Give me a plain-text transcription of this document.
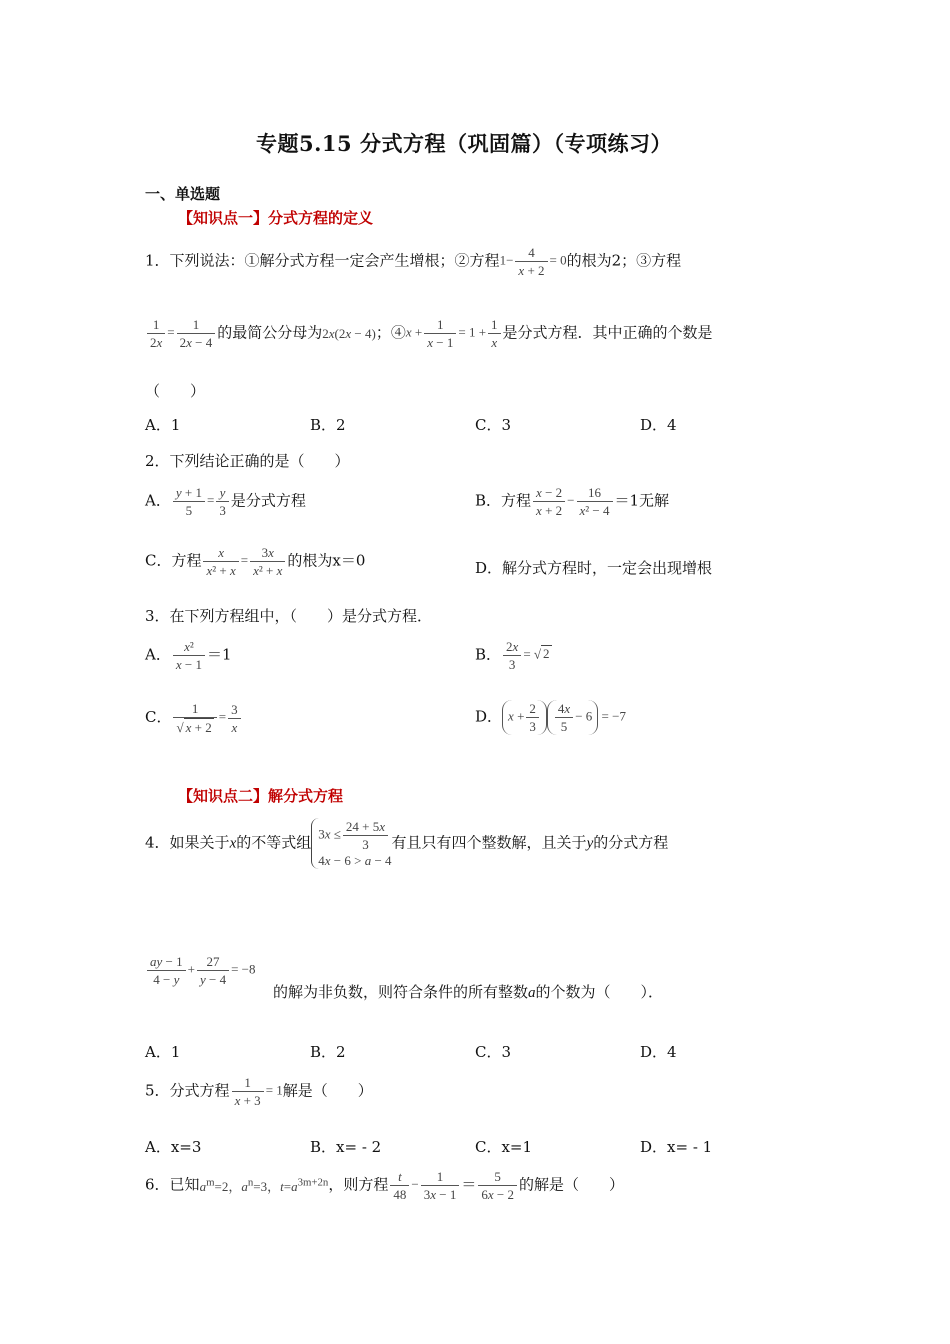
专题5.15 分式方程（巩固篇）（专项练习）
一、单选题
【知识点一】分式方程的定义
1．下列说法：①解分式方程一定会产生增根；②方程$1- \frac{4}{x + 2} = 0$的根为2；③方程
$\frac{1}{2x} = \frac{1}{2x - 4}$ 的最简公分母为2x(2x − 4)；④x + $\frac{1}{x - 1} = 1 + \frac{1}{x}$ 是分式方程．其中正确的个数是
（　　）
A．1	B．2	C．3	D．4
2．下列结论正确的是（　　）
A． $\frac{y + 1}{5} = \frac{y}{3}$ 是分式方程	B．方程 $\frac{x - 2}{x + 2} - \frac{16}{\text{x² − 4}} =1$无解
C．方程 $\frac{x}{\text{x² + x}} = \frac{3x}{\text{x² + x}}$ 的根为x＝0	D．解分式方程时，一定会出现增根
3．在下列方程组中，（　　）是分式方程．
A． $\frac{\text{x²}}{x - 1} =1$	B． $\frac{2x}{3}$ = √ 2
C． $\frac{1}{√ x + 2} = \frac{3}{x}$	D． $x + \frac{2}{3} \frac{4x}{5} - 6 = -7$
【知识点二】解分式方程
4．如果关于x的不等式组 $3x \le \frac{24 + 5x}{3}$
4x − 6 > a − 4
有且只有四个整数解，且关于y的分式方程
$\frac{ay - 1}{4 - y} + \frac{27}{y - 4} = -8$
的解为非负数，则符合条件的所有整数a的个数为（　　）．
A．1	B．2	C．3	D．4
5．分式方程 $\frac{1}{x + 3} = 1$解是（　　）
A．x=3	B．x= - 2	C．x=1	D．x= - 1
6．已知$a^m=2$，$a^n=3$，$t=a^{3m+2n}$，则方程 $\frac{t}{48} - \frac{1}{3x - 1} = \frac{5}{6x - 2}$ 的解是（　　）
